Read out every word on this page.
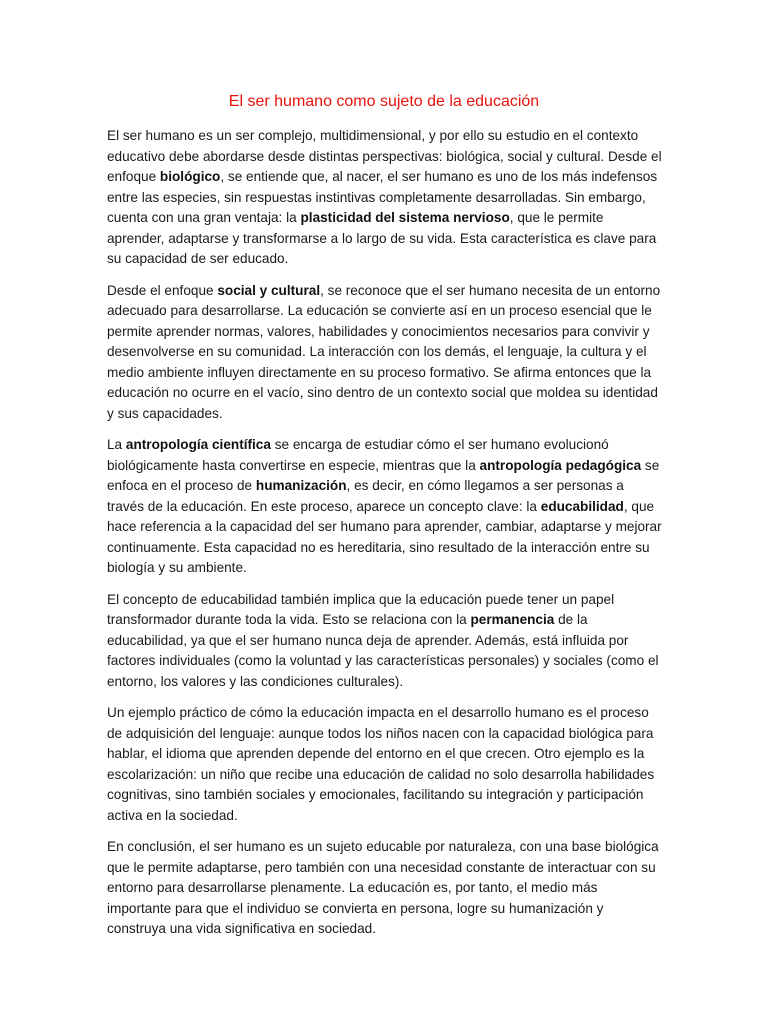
El ser humano como sujeto de la educación

El ser humano es un ser complejo, multidimensional, y por ello su estudio en el contexto educativo debe abordarse desde distintas perspectivas: biológica, social y cultural. Desde el enfoque biológico, se entiende que, al nacer, el ser humano es uno de los más indefensos entre las especies, sin respuestas instintivas completamente desarrolladas. Sin embargo, cuenta con una gran ventaja: la plasticidad del sistema nervioso, que le permite aprender, adaptarse y transformarse a lo largo de su vida. Esta característica es clave para su capacidad de ser educado.

Desde el enfoque social y cultural, se reconoce que el ser humano necesita de un entorno adecuado para desarrollarse. La educación se convierte así en un proceso esencial que le permite aprender normas, valores, habilidades y conocimientos necesarios para convivir y desenvolverse en su comunidad. La interacción con los demás, el lenguaje, la cultura y el medio ambiente influyen directamente en su proceso formativo. Se afirma entonces que la educación no ocurre en el vacío, sino dentro de un contexto social que moldea su identidad y sus capacidades.

La antropología científica se encarga de estudiar cómo el ser humano evolucionó biológicamente hasta convertirse en especie, mientras que la antropología pedagógica se enfoca en el proceso de humanización, es decir, en cómo llegamos a ser personas a través de la educación. En este proceso, aparece un concepto clave: la educabilidad, que hace referencia a la capacidad del ser humano para aprender, cambiar, adaptarse y mejorar continuamente. Esta capacidad no es hereditaria, sino resultado de la interacción entre su biología y su ambiente.

El concepto de educabilidad también implica que la educación puede tener un papel transformador durante toda la vida. Esto se relaciona con la permanencia de la educabilidad, ya que el ser humano nunca deja de aprender. Además, está influida por factores individuales (como la voluntad y las características personales) y sociales (como el entorno, los valores y las condiciones culturales).

Un ejemplo práctico de cómo la educación impacta en el desarrollo humano es el proceso de adquisición del lenguaje: aunque todos los niños nacen con la capacidad biológica para hablar, el idioma que aprenden depende del entorno en el que crecen. Otro ejemplo es la escolarización: un niño que recibe una educación de calidad no solo desarrolla habilidades cognitivas, sino también sociales y emocionales, facilitando su integración y participación activa en la sociedad.

En conclusión, el ser humano es un sujeto educable por naturaleza, con una base biológica que le permite adaptarse, pero también con una necesidad constante de interactuar con su entorno para desarrollarse plenamente. La educación es, por tanto, el medio más importante para que el individuo se convierta en persona, logre su humanización y construya una vida significativa en sociedad.
